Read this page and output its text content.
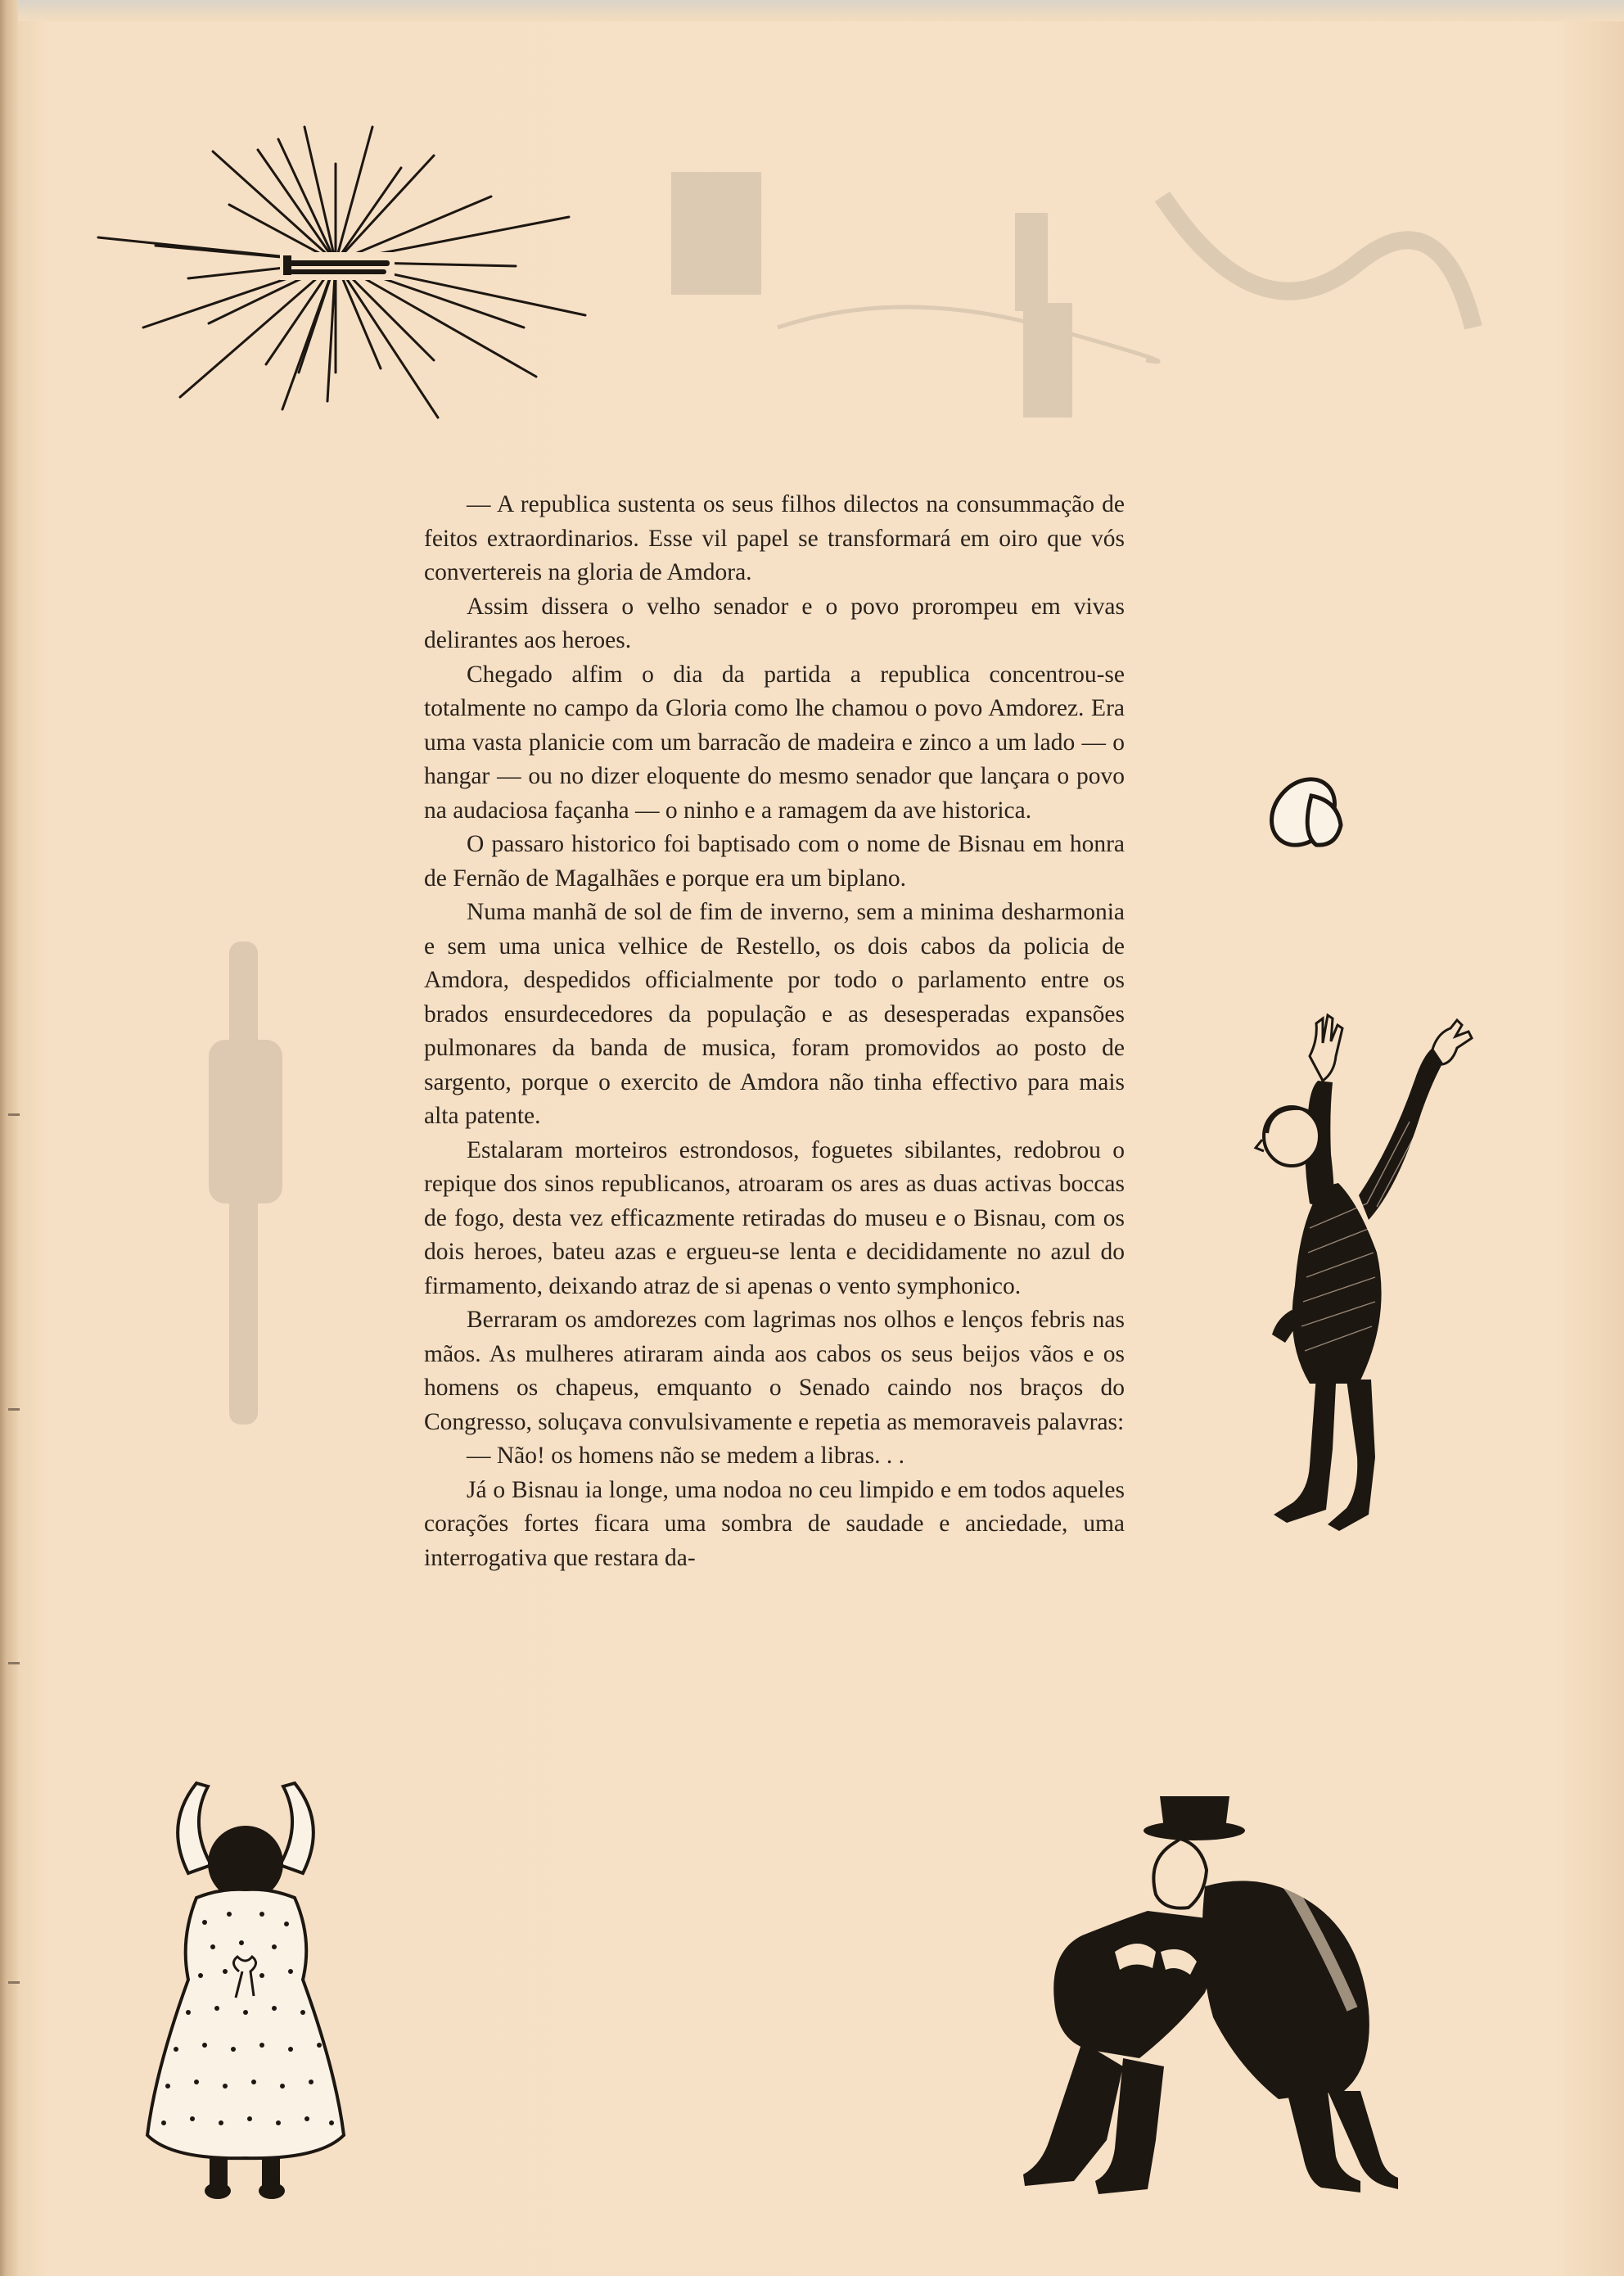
— A republica sustenta os seus filhos dilectos na consummação de feitos extraordinarios. Esse vil papel se transformará em oiro que vós convertereis na gloria de Amdora.

Assim dissera o velho senador e o povo prorompeu em vivas delirantes aos heroes.

Chegado alfim o dia da partida a republica concentrou-se totalmente no campo da Gloria como lhe chamou o povo Amdorez. Era uma vasta planicie com um barracão de madeira e zinco a um lado — o hangar — ou no dizer eloquente do mesmo senador que lançara o povo na audaciosa façanha — o ninho e a ramagem da ave historica.

O passaro historico foi baptisado com o nome de Bisnau em honra de Fernão de Magalhães e porque era um biplano.

Numa manhã de sol de fim de inverno, sem a minima desharmonia e sem uma unica velhice de Restello, os dois cabos da policia de Amdora, despedidos officialmente por todo o parlamento entre os brados ensurdecedores da população e as desesperadas expansões pulmonares da banda de musica, foram promovidos ao posto de sargento, porque o exercito de Amdora não tinha effectivo para mais alta patente.

Estalaram morteiros estrondosos, foguetes sibilantes, redobrou o repique dos sinos republicanos, atroaram os ares as duas activas boccas de fogo, desta vez efficazmente retiradas do museu e o Bisnau, com os dois heroes, bateu azas e ergueu-se lenta e decididamente no azul do firmamento, deixando atraz de si apenas o vento symphonico.

Berraram os amdorezes com lagrimas nos olhos e lenços febris nas mãos. As mulheres atiraram ainda aos cabos os seus beijos vãos e os homens os chapeus, emquanto o Senado caindo nos braços do Congresso, soluçava convulsivamente e repetia as memoraveis palavras:

— Não! os homens não se medem a libras. . .

Já o Bisnau ia longe, uma nodoa no ceu limpido e em todos aqueles corações fortes ficara uma sombra de saudade e anciedade, uma interrogativa que restara da-
